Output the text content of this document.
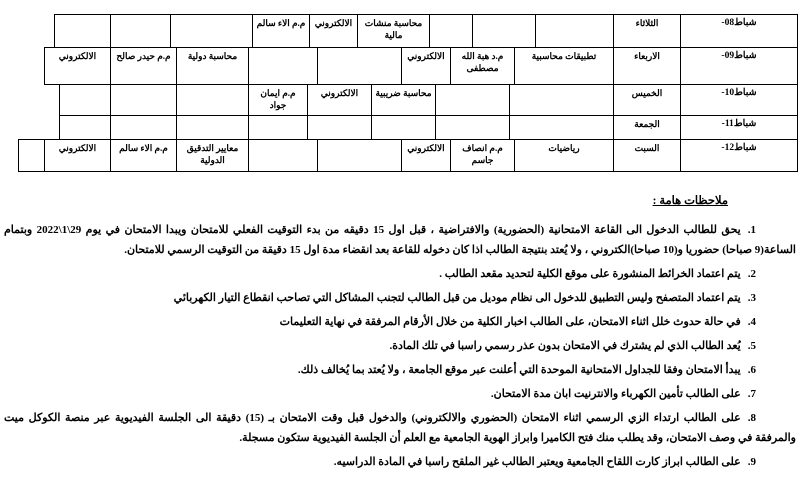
شباط08-
الثلاثاء
محاسبة منشات مالية
الالكتروني
م.م الاء سالم
شباط09-
الاربعاء
تطبيقات محاسبية
م.د هبة الله مصطفى
الالكتروني
محاسبة دولية
م.م حيدر صالح
الالكتروني
شباط10-
الخميس
محاسبة ضريبية
الالكتروني
م.م ايمان جواد
شباط11-
الجمعة
شباط12-
السبت
رياضيات
م.م انصاف جاسم
الالكتروني
معايير التدقيق الدولية
م.م الاء سالم
الالكتروني
ملاحظات هامة :
1.يحق للطالب الدخول الى القاعة الامتحانية (الحضورية) والافتراضية ، قبل اول 15 دقيقه من بدء التوقيت الفعلي للامتحان ويبدا الامتحان في يوم 29\1\2022 وبتمام الساعة(9 صباحا) حضوريا و(10 صباحا)الكتروني ، ولا يُعتد بنتيجة الطالب اذا كان دخوله للقاعة بعد انقضاء مدة اول 15 دقيقة من التوقيت الرسمي للامتحان.
2.يتم اعتماد الخرائط المنشورة على موقع الكلية لتحديد مقعد الطالب .
3.يتم اعتماد المتصفح وليس التطبيق للدخول الى نظام موديل من قبل الطالب لتجنب المشاكل التي تصاحب انقطاع التيار الكهربائي
4.في حالة حدوث خلل اثناء الامتحان، على الطالب اخبار الكلية من خلال الأرقام المرفقة في نهاية التعليمات
5.يُعد الطالب الذي لم يشترك في الامتحان بدون عذر رسمي راسبا في تلك المادة.
6.يبدأ الامتحان وفقا للجداول الامتحانية الموحدة التي أعلنت عبر موقع الجامعة ، ولا يُعتد بما يُخالف ذلك.
7.على الطالب تأمين الكهرباء والانترنيت ابان مدة الامتحان.
8.على الطالب ارتداء الزي الرسمي اثناء الامتحان (الحضوري والالكتروني) والدخول قبل وقت الامتحان بـ (15) دقيقة الى الجلسة الفيديوية عبر منصة الكوكل ميت والمرفقة في وصف الامتحان، وقد يطلب منك فتح الكاميرا وابراز الهوية الجامعية مع العلم أن الجلسة الفيديوية ستكون مسجلة.
9.على الطالب ابراز كارت اللقاح الجامعية ويعتبر الطالب غير الملقح راسبا في المادة الدراسيه.
